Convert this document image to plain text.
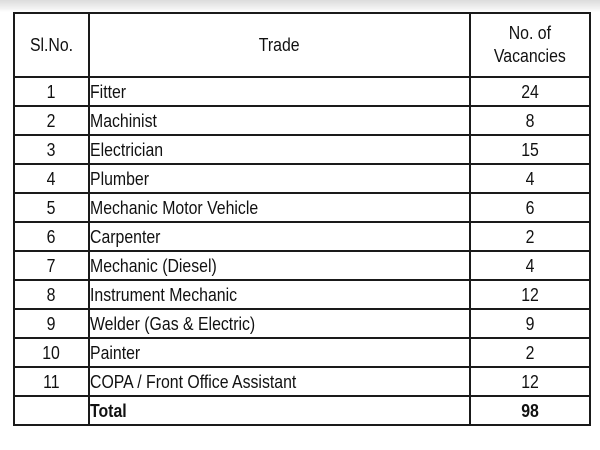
Sl.No.	Trade	No. of
Vacancies
1	Fitter	24
2	Machinist	8
3	Electrician	15
4	Plumber	4
5	Mechanic Motor Vehicle	6
6	Carpenter	2
7	Mechanic (Diesel)	4
8	Instrument Mechanic	12
9	Welder (Gas & Electric)	9
10	Painter	2
11	COPA / Front Office Assistant	12
	Total	98
